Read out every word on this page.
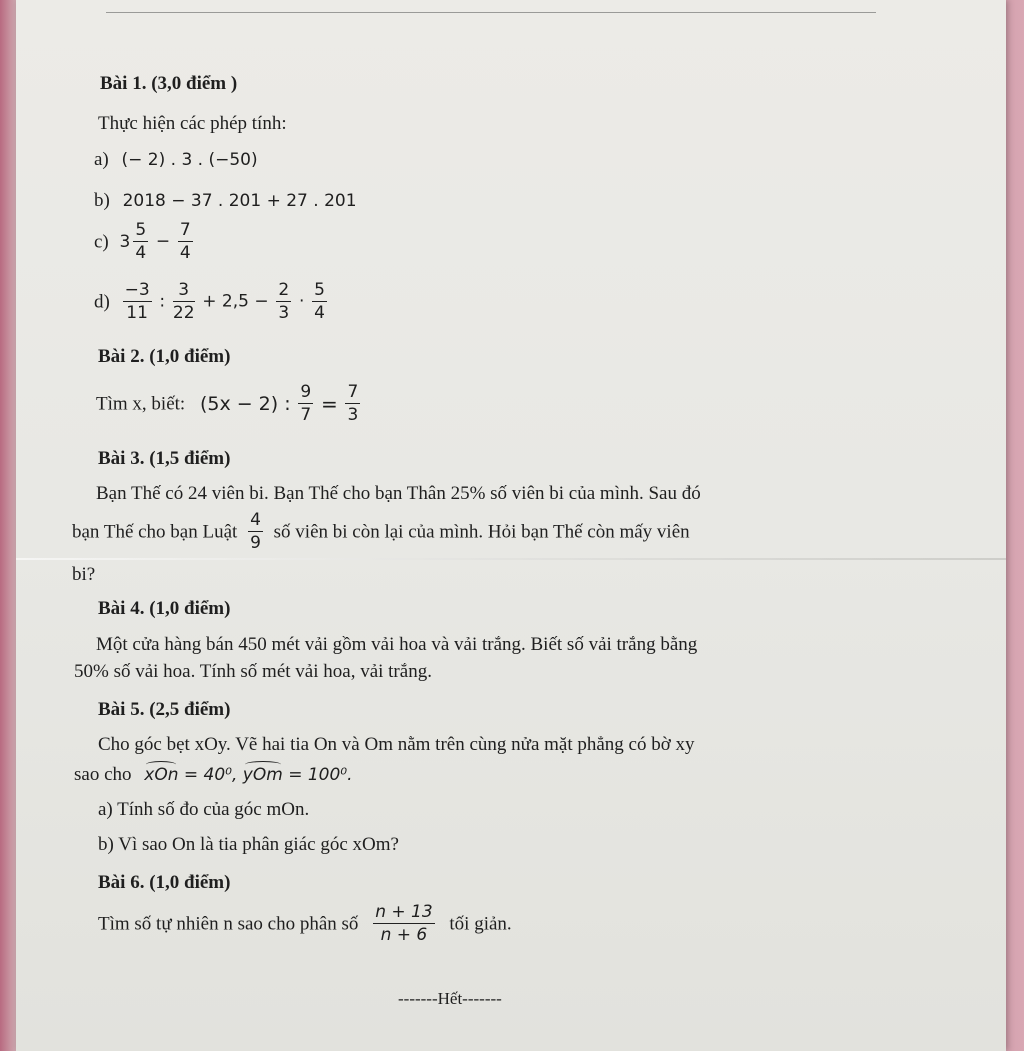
Bài 1. (3,0 điểm )
Thực hiện các phép tính:
a) (− 2) . 3 . (−50)
b) 2018 − 37 . 201 + 27 . 201
c) $3 \frac{5}{4} - \frac{7}{4}$
$d) \frac{-3}{11}$ : $\frac{3}{22} + 2,5 - \frac{2}{3} \cdot \frac{5}{4}$
Bài 2. (1,0 điểm)
Tìm x, biết: (5x − 2) : $\frac{9}{7} = \frac{7}{3}$
Bài 3. (1,5 điểm)
Bạn Thế có 24 viên bi. Bạn Thế cho bạn Thân 25% số viên bi của mình. Sau đó
bạn Thế cho bạn Luật $\frac{4}{9}$ số viên bi còn lại của mình. Hỏi bạn Thế còn mấy viên
bi?
Bài 4. (1,0 điểm)
Một cửa hàng bán 450 mét vải gồm vải hoa và vải trắng. Biết số vải trắng bằng
50% số vải hoa. Tính số mét vải hoa, vải trắng.
Bài 5. (2,5 điểm)
Cho góc bẹt xOy. Vẽ hai tia On và Om nằm trên cùng nửa mặt phẳng có bờ xy
sao cho xOn = 40⁰, yOm = 100⁰.
a) Tính số đo của góc mOn.
b) Vì sao On là tia phân giác góc xOm?
Bài 6. (1,0 điểm)
Tìm số tự nhiên n sao cho phân số $\frac{n + 13}{n + 6}$ tối giản.
-------Hết-------
